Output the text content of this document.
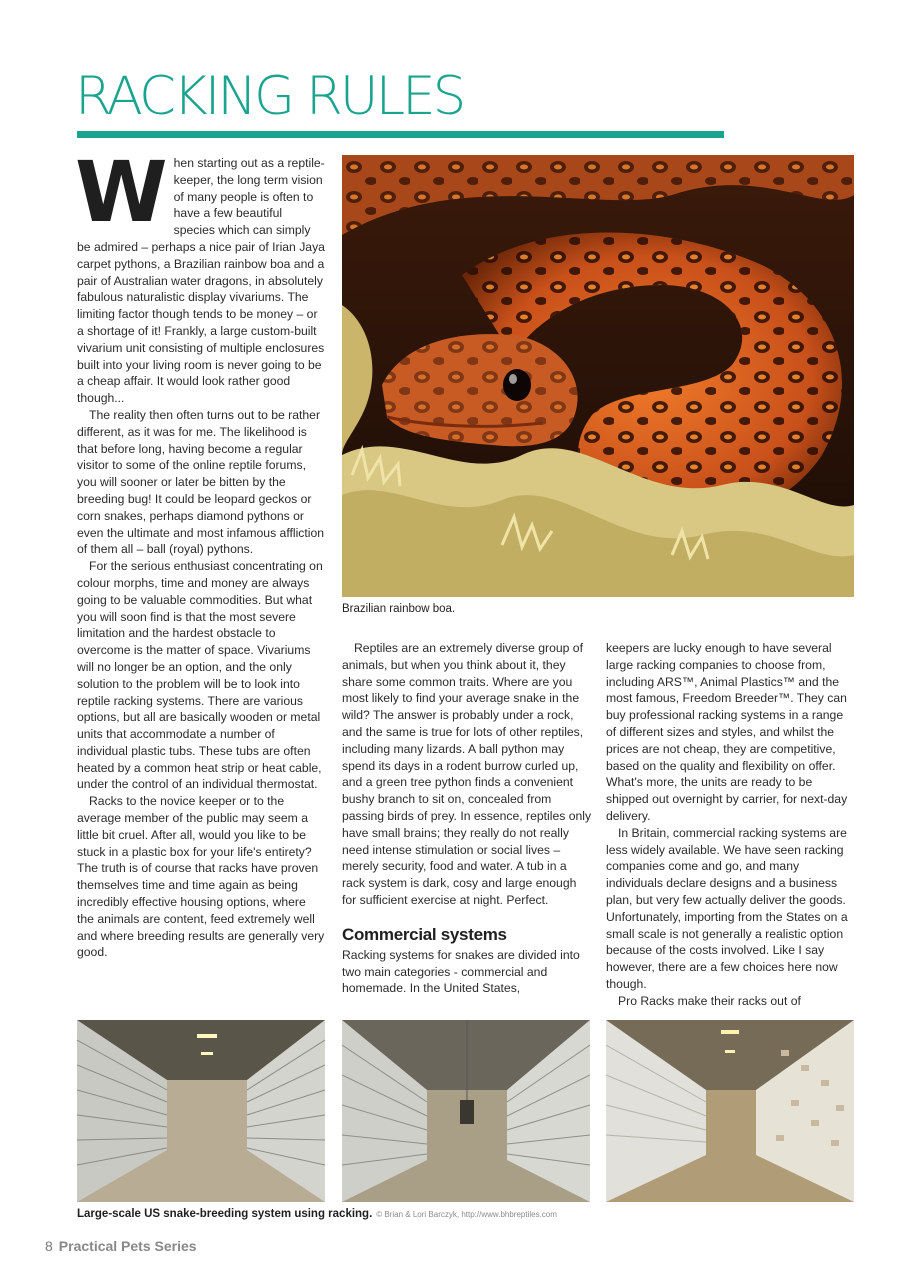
RACKING RULES
W hen starting out as a reptile-keeper, the long term vision of many people is often to have a few beautiful species which can simply be admired – perhaps a nice pair of Irian Jaya carpet pythons, a Brazilian rainbow boa and a pair of Australian water dragons, in absolutely fabulous naturalistic display vivariums. The limiting factor though tends to be money – or a shortage of it! Frankly, a large custom-built vivarium unit consisting of multiple enclosures built into your living room is never going to be a cheap affair. It would look rather good though...

The reality then often turns out to be rather different, as it was for me. The likelihood is that before long, having become a regular visitor to some of the online reptile forums, you will sooner or later be bitten by the breeding bug! It could be leopard geckos or corn snakes, perhaps diamond pythons or even the ultimate and most infamous affliction of them all – ball (royal) pythons.

For the serious enthusiast concentrating on colour morphs, time and money are always going to be valuable commodities. But what you will soon find is that the most severe limitation and the hardest obstacle to overcome is the matter of space. Vivariums will no longer be an option, and the only solution to the problem will be to look into reptile racking systems. There are various options, but all are basically wooden or metal units that accommodate a number of individual plastic tubs. These tubs are often heated by a common heat strip or heat cable, under the control of an individual thermostat.

Racks to the novice keeper or to the average member of the public may seem a little bit cruel. After all, would you like to be stuck in a plastic box for your life's entirety? The truth is of course that racks have proven themselves time and time again as being incredibly effective housing options, where the animals are content, feed extremely well and where breeding results are generally very good.

Brazilian rainbow boa.

Reptiles are an extremely diverse group of animals, but when you think about it, they share some common traits. Where are you most likely to find your average snake in the wild? The answer is probably under a rock, and the same is true for lots of other reptiles, including many lizards. A ball python may spend its days in a rodent burrow curled up, and a green tree python finds a convenient bushy branch to sit on, concealed from passing birds of prey. In essence, reptiles only have small brains; they really do not really need intense stimulation or social lives – merely security, food and water. A tub in a rack system is dark, cosy and large enough for sufficient exercise at night. Perfect.

Commercial systems

Racking systems for snakes are divided into two main categories - commercial and homemade. In the United States,

keepers are lucky enough to have several large racking companies to choose from, including ARS™, Animal Plastics™ and the most famous, Freedom Breeder™. They can buy professional racking systems in a range of different sizes and styles, and whilst the prices are not cheap, they are competitive, based on the quality and flexibility on offer. What's more, the units are ready to be shipped out overnight by carrier, for next-day delivery.

In Britain, commercial racking systems are less widely available. We have seen racking companies come and go, and many individuals declare designs and a business plan, but very few actually deliver the goods. Unfortunately, importing from the States on a small scale is not generally a realistic option because of the costs involved. Like I say however, there are a few choices here now though.

Pro Racks make their racks out of

Large-scale US snake-breeding system using racking. © Brian & Lori Barczyk, http://www.bhbreptiles.com
8 Practical Pets Series
